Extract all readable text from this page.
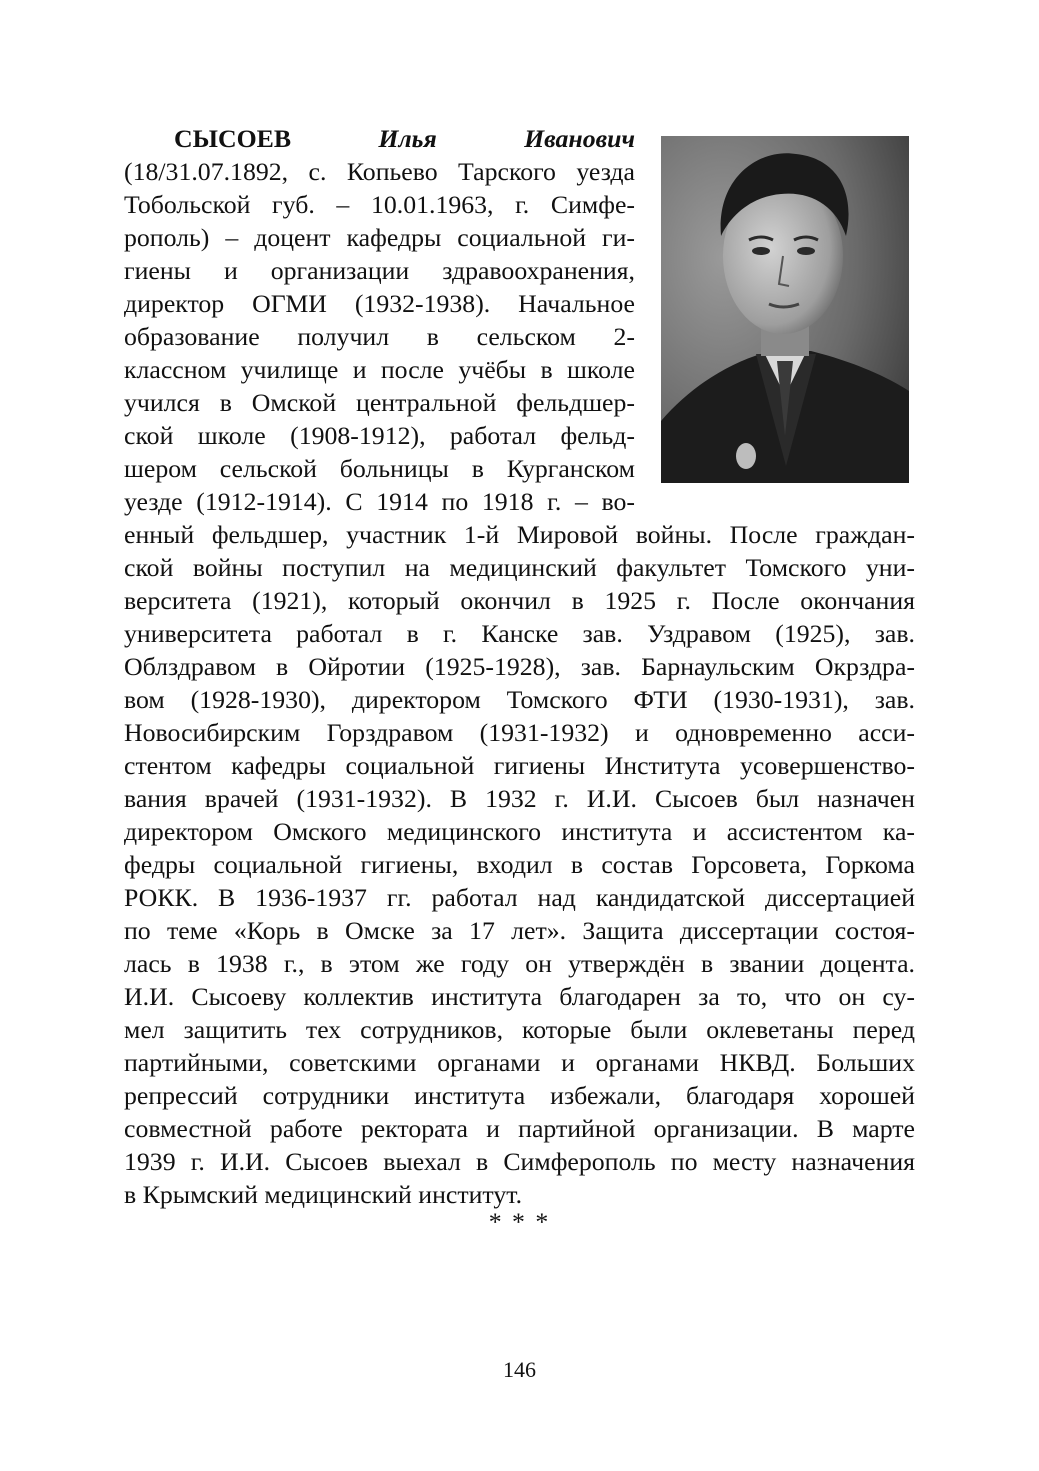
СЫСОЕВ	Илья	Иванович

(18/31.07.1892, с. Копьево Тарского уезда

Тобольской губ. – 10.01.1963, г. Симфе-

рополь) – доцент кафедры социальной ги-

гиены и организации здравоохранения,

директор ОГМИ (1932-1938). Начальное

образование получил в сельском 2-

классном училище и после учёбы в школе

учился в Омской центральной фельдшер-

ской школе (1908-1912), работал фельд-

шером сельской больницы в Курганском

уезде (1912-1914). С 1914 по 1918 г. – во-

енный фельдшер, участник 1-й Мировой войны. После граждан-

ской войны поступил на медицинский факультет Томского уни-

верситета (1921), который окончил в 1925 г. После окончания

университета работал в г. Канске зав. Уздравом (1925), зав.

Облздравом в Ойротии (1925-1928), зав. Барнаульским Окрздра-

вом (1928-1930), директором Томского ФТИ (1930-1931), зав.

Новосибирским Горздравом (1931-1932) и одновременно асси-

стентом кафедры социальной гигиены Института усовершенство-

вания врачей (1931-1932). В 1932 г. И.И. Сысоев был назначен

директором Омского медицинского института и ассистентом ка-

федры социальной гигиены, входил в состав Горсовета, Горкома

РОКК. В 1936-1937 гг. работал над кандидатской диссертацией

по теме «Корь в Омске за 17 лет». Защита диссертации состоя-

лась в 1938 г., в этом же году он утверждён в звании доцента.

И.И. Сысоеву коллектив института благодарен за то, что он су-

мел защитить тех сотрудников, которые были оклеветаны перед

партийными, советскими органами и органами НКВД. Больших

репрессий сотрудники института избежали, благодаря хорошей

совместной работе ректората и партийной организации. В марте

1939 г. И.И. Сысоев выехал в Симферополь по месту назначения

в Крымский медицинский институт.

* * *
146
